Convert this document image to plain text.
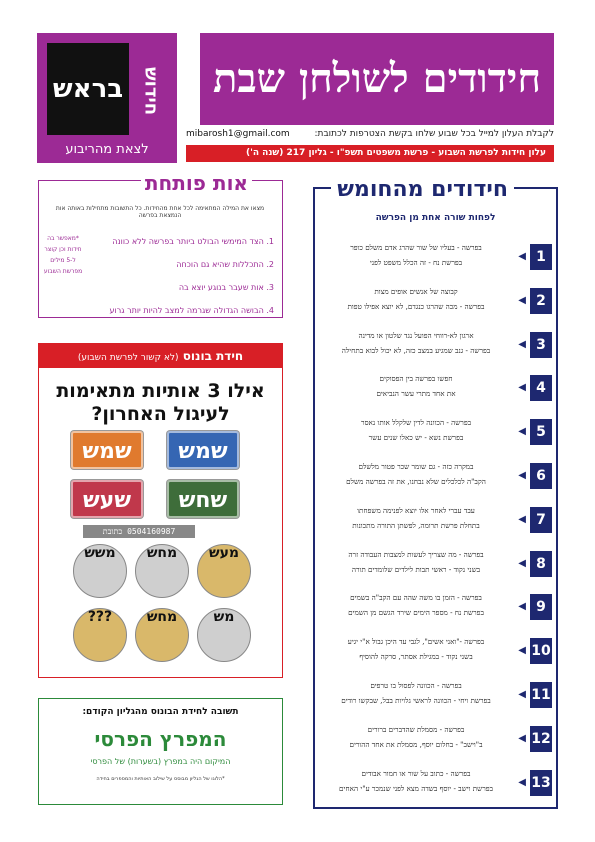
בראש חידוש
לצאת מהריבוע
חידודים לשולחן שבת
לקבלת העלון למייל בכל שבוע שלחו בקשת הצטרפות לכתובת:
mibarosh1@gmail.com
עלון חידות לפרשת השבוע - פרשת משפטים תשפ"ו - גליון 217 (שנה ה')
אות פותחת
מצאו את המילה המתאימה לכל אחת מהחידות. כל התשובות מתחילות באותה אות הנמצאת בפרשה
1. הצד המימשי הבולט ביותר בפרשה ללא כוונה
2. התכללות שהיא גם הוכחה
3. אות שעבר בנוגע יוצא בה
4. הבושה הגדולה שגרמה למצב להיות יותר גרוע
*מאפשר בה חידות וכן קוצר ל-5 מילים מפרשת השבוע
חידת בונוס (לא קשור לפרשת השבוע)
אילו 3 אותיות מתאימות
לעיגול האחרון?
שמש
שמש
שעש	שחש
0504160987 כתובת
מעש
מחש
משש
מש
מחש
???
תשובה לחידת הבונוס מהגליון הקודם:
המפרץ הפרסי
המיקום היה במפרץ (בשערות) של הפרסי
*הלוגו של הגליון מבוסס על שילוב האותיות והמספרים בחידה
חידודים מהחומש
לפחות שורה אחת מן הפרשה
1
◀
בפרשה - בעליו של שור שהרג אדם משלם כופר
בפרשת נח - זה הכלל משפט לפני
2
◀
קבוצה של אנשים אופים מצות
בפרשה - מכה שהרגו כנגדם, לא יוצא אפילו טפות
3
◀
ארגון לא-רווחי הפועל נגד שלטון או מדינה
בפרשה - גנב שמגיע במצב כזה, לא יכול לבוא בתחילה
4
◀
חפשו בפרשה בין הפסוקים
את אחד מתרי עשר הנביאים
5
◀
בפרשה - הכוונה לדין שלקלל אותו נאסר
בפרשת נשא - יש כאלו שנים עשר
6
◀
במקרה כזה - גם שומר שכר פטור מלשלם
הקב"ה לכלכלים שלא נבחנו, את זה בפרשה משלם
7
◀
עבד עברי לאחר אלו יוצא לפנימה משפחתו
בתחלת פרשת תרומה, לפשתן התורה מתכונות
8
◀
בפרשה - מה שצריך לעשות למצבות העבודה זרה
בשני נקוד - ראשי תבות לילדים שלומדים תורה
9
◀
בפרשה - הזמן בו משה שהה עם הקב"ה בשמים
בפרשת נח - מספר הימים שירד הגשם מן השמים
10
◀
בפרשה -"ואני אשים", לגבי עד היכן גבול א"י יגיע
בשני נקוד - במגילת אסתר, סרקה להוסיף
11
◀
בפרשה - הכוונה לפסול בו טרפים
בפרשת ויחי - הכוונה לראשי גלויות בבל, שבקשו רודים
12
◀
בפרשה - מסמלת שהדברים ברורים
ב"וישב" - בחלום יוסף, מסמלת את אחד ההורים
13
◀
בפרשה - כתוב על שור או חמור אבודים
בפרשת וישב - יוסף בשדה מצא לפני שנמכר ע"י האחים
